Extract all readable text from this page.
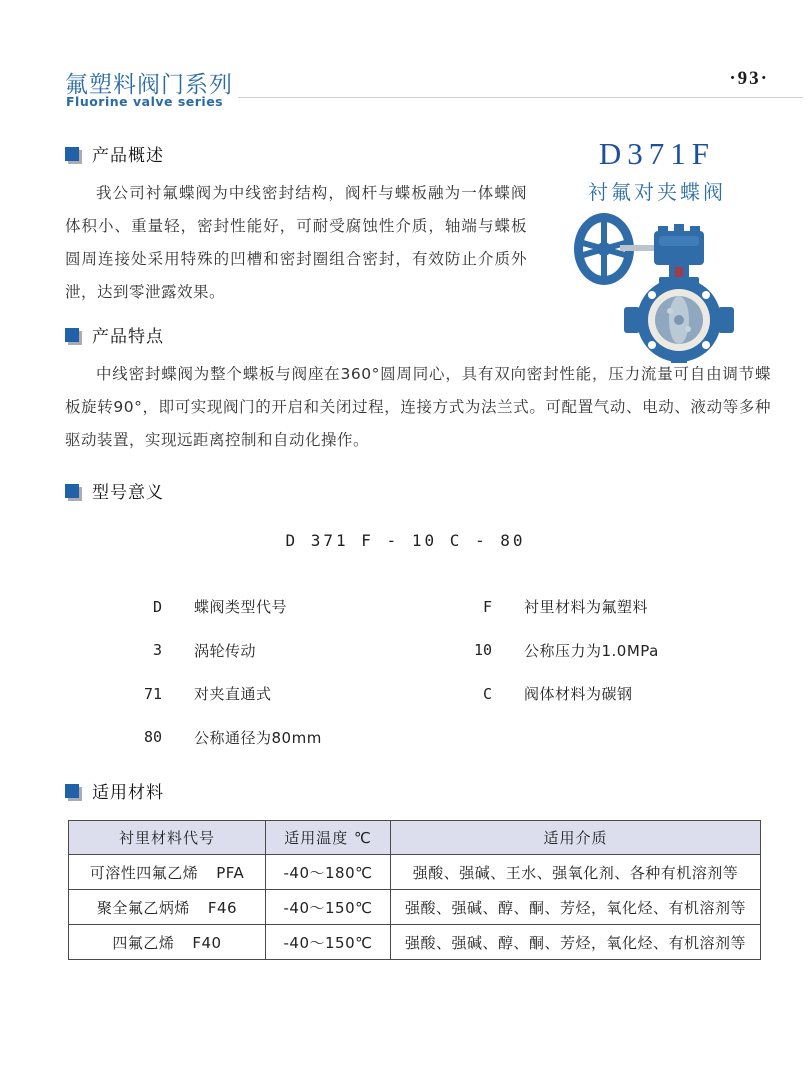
氟塑料阀门系列
Fluorine valve series
·93·
产品概述
我公司衬氟蝶阀为中线密封结构，阀杆与蝶板融为一体蝶阀体积小、重量轻，密封性能好，可耐受腐蚀性介质，轴端与蝶板圆周连接处采用特殊的凹槽和密封圈组合密封，有效防止介质外泄，达到零泄露效果。
D371F
衬氟对夹蝶阀
产品特点
中线密封蝶阀为整个蝶板与阀座在360°圆周同心，具有双向密封性能，压力流量可自由调节蝶板旋转90°，即可实现阀门的开启和关闭过程，连接方式为法兰式。可配置气动、电动、液动等多种驱动装置，实现远距离控制和自动化操作。
型号意义
D 371 F - 10 C - 80
D 蝶阀类型代号
3 涡轮传动
71 对夹直通式
80 公称通径为80mm
F 衬里材料为氟塑料
10 公称压力为1.0MPa
C 阀体材料为碳钢
适用材料
衬里材料代号	适用温度 ℃	适用介质
可溶性四氟乙烯 PFA	-40～180℃	强酸、强碱、王水、强氧化剂、各种有机溶剂等
聚全氟乙炳烯 F46	-40～150℃	强酸、强碱、醇、酮、芳烃，氧化烃、有机溶剂等
四氟乙烯 F40	-40～150℃	强酸、强碱、醇、酮、芳烃，氧化烃、有机溶剂等
